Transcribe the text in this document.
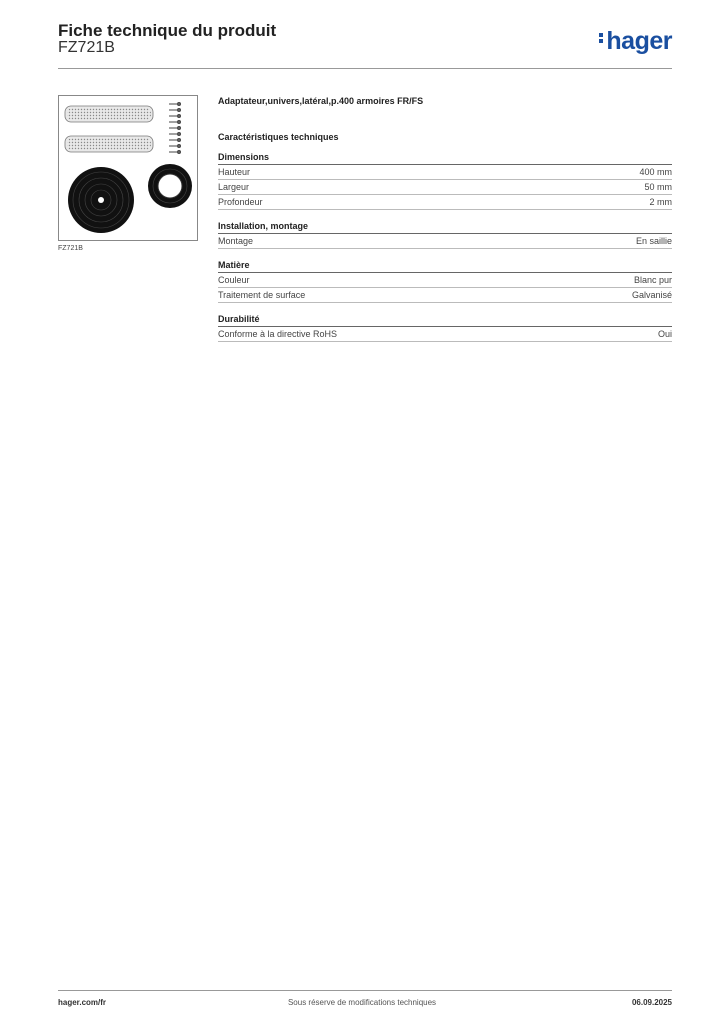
Fiche technique du produit
FZ721B	hager
FZ721B
Adaptateur,univers,latéral,p.400 armoires FR/FS
Caractéristiques techniques
Dimensions
Hauteur	400 mm
Largeur	50 mm
Profondeur	2 mm
Installation, montage
Montage	En saillie
Matière
Couleur	Blanc pur
Traitement de surface	Galvanisé
Durabilité
Conforme à la directive RoHS	Oui
hager.com/fr	Sous réserve de modifications techniques	06.09.2025
